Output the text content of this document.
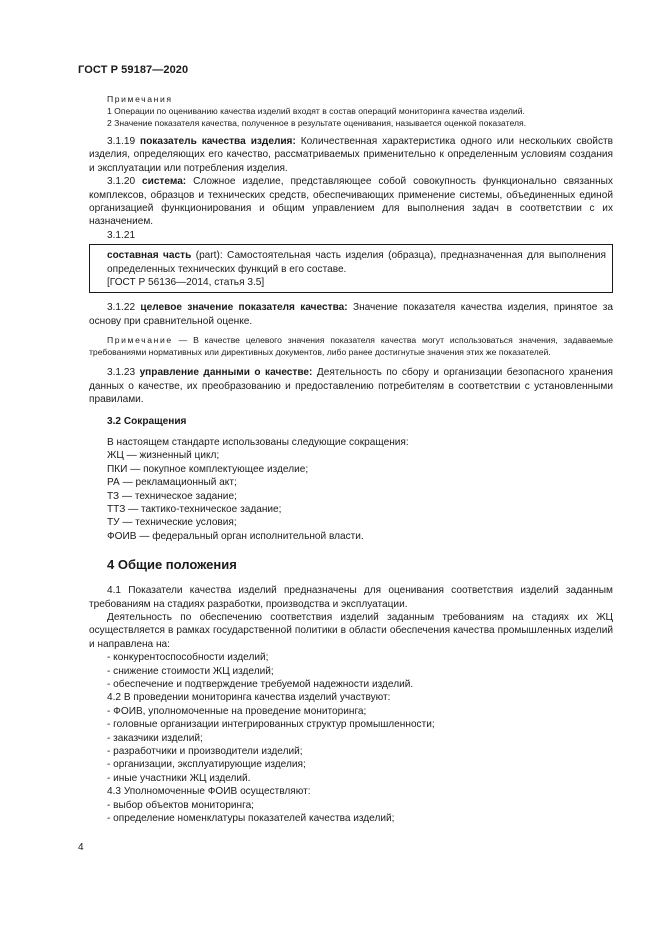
ГОСТ Р 59187—2020
Примечания
1 Операции по оцениванию качества изделий входят в состав операций мониторинга качества изделий.
2 Значение показателя качества, полученное в результате оценивания, называется оценкой показателя.

3.1.19 показатель качества изделия: Количественная характеристика одного или нескольких свойств изделия, определяющих его качество, рассматриваемых применительно к определенным условиям создания и эксплуатации или потребления изделия.

3.1.20 система: Сложное изделие, представляющее собой совокупность функционально связанных комплексов, образцов и технических средств, обеспечивающих применение системы, объединенных единой организацией функционирования и общим управлением для выполнения задач в соответствии с их назначением.

3.1.21

составная часть (part): Самостоятельная часть изделия (образца), предназначенная для выполнения определенных технических функций в его составе.

[ГОСТ Р 56136—2014, статья 3.5]

3.1.22 целевое значение показателя качества: Значение показателя качества изделия, принятое за основу при сравнительной оценке.

Примечание — В качестве целевого значения показателя качества могут использоваться значения, задаваемые требованиями нормативных или директивных документов, либо ранее достигнутые значения этих же показателей.

3.1.23 управление данными о качестве: Деятельность по сбору и организации безопасного хранения данных о качестве, их преобразованию и предоставлению потребителям в соответствии с установленными правилами.

3.2 Сокращения
В настоящем стандарте использованы следующие сокращения:
ЖЦ — жизненный цикл;
ПКИ — покупное комплектующее изделие;
РА — рекламационный акт;
ТЗ — техническое задание;
ТТЗ — тактико-техническое задание;
ТУ — технические условия;
ФОИВ — федеральный орган исполнительной власти.
4 Общие положения

4.1 Показатели качества изделий предназначены для оценивания соответствия изделий заданным требованиям на стадиях разработки, производства и эксплуатации.

Деятельность по обеспечению соответствия изделий заданным требованиям на стадиях их ЖЦ осуществляется в рамках государственной политики в области обеспечения качества промышленных изделий и направлена на:

- конкурентоспособности изделий;
- снижение стоимости ЖЦ изделий;
- обеспечение и подтверждение требуемой надежности изделий.
4.2 В проведении мониторинга качества изделий участвуют:
- ФОИВ, уполномоченные на проведение мониторинга;
- головные организации интегрированных структур промышленности;
- заказчики изделий;
- разработчики и производители изделий;
- организации, эксплуатирующие изделия;
- иные участники ЖЦ изделий.
4.3 Уполномоченные ФОИВ осуществляют:
- выбор объектов мониторинга;
- определение номенклатуры показателей качества изделий;
4
